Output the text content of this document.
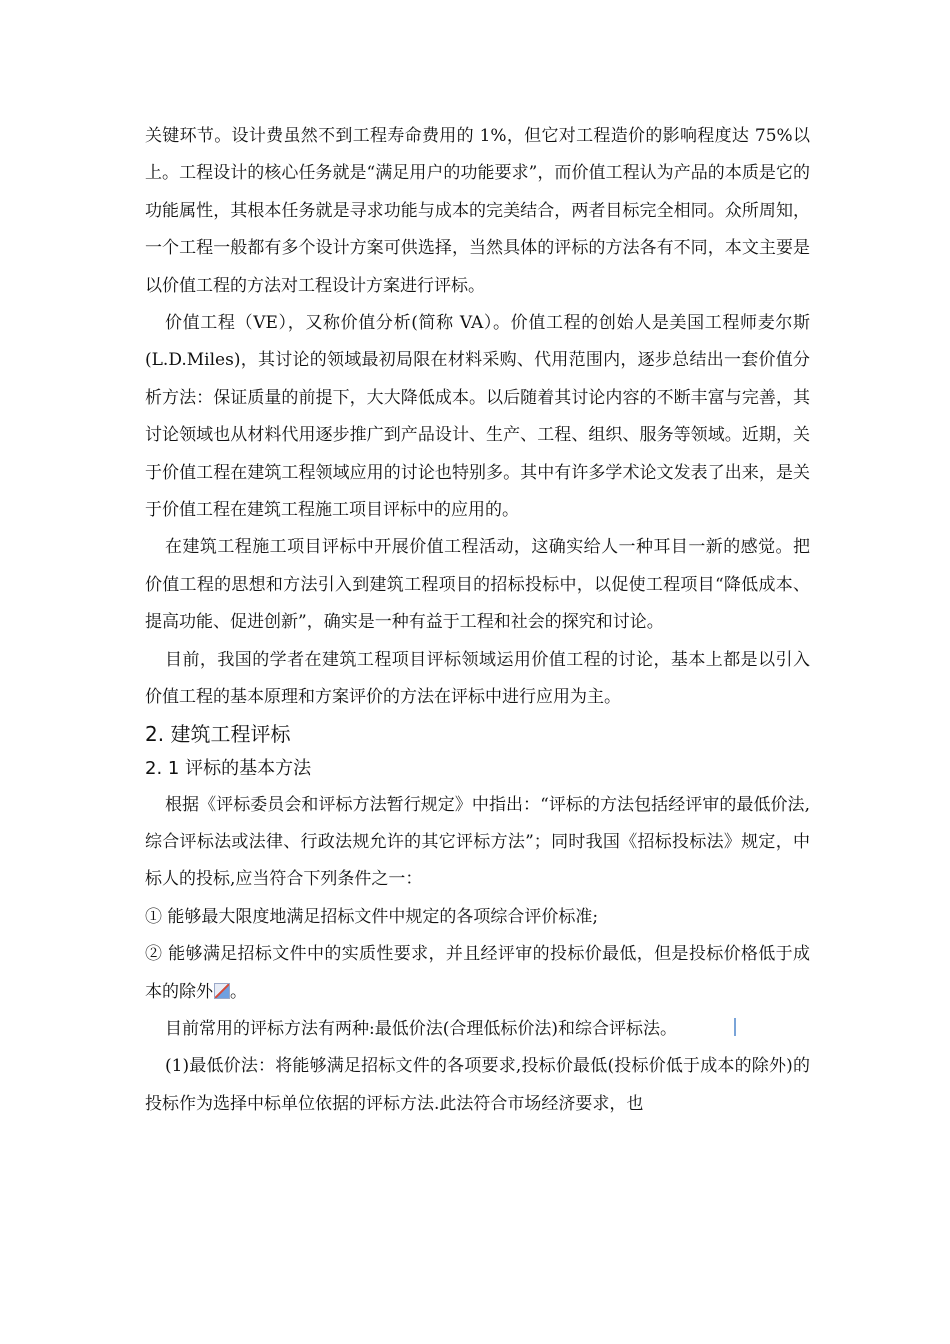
关键环节。设计费虽然不到工程寿命费用的 1%，但它对工程造价的影响程度达 75%以上。工程设计的核心任务就是“满足用户的功能要求”，而价值工程认为产品的本质是它的功能属性，其根本任务就是寻求功能与成本的完美结合，两者目标完全相同。众所周知，一个工程一般都有多个设计方案可供选择，当然具体的评标的方法各有不同，本文主要是以价值工程的方法对工程设计方案进行评标。

价值工程（VE），又称价值分析(简称 VA）。价值工程的创始人是美国工程师麦尔斯(L.D.Miles)，其讨论的领域最初局限在材料采购、代用范围内，逐步总结出一套价值分析方法：保证质量的前提下，大大降低成本。以后随着其讨论内容的不断丰富与完善，其讨论领域也从材料代用逐步推广到产品设计、生产、工程、组织、服务等领域。近期，关于价值工程在建筑工程领域应用的讨论也特别多。其中有许多学术论文发表了出来，是关于价值工程在建筑工程施工项目评标中的应用的。

在建筑工程施工项目评标中开展价值工程活动，这确实给人一种耳目一新的感觉。把价值工程的思想和方法引入到建筑工程项目的招标投标中，以促使工程项目“降低成本、提高功能、促进创新”，确实是一种有益于工程和社会的探究和讨论。

目前，我国的学者在建筑工程项目评标领域运用价值工程的讨论，基本上都是以引入价值工程的基本原理和方案评价的方法在评标中进行应用为主。

2. 建筑工程评标
2. 1 评标的基本方法

根据《评标委员会和评标方法暂行规定》中指出：“评标的方法包括经评审的最低价法,综合评标法或法律、行政法规允许的其它评标方法”；同时我国《招标投标法》规定，中标人的投标,应当符合下列条件之一：

① 能够最大限度地满足招标文件中规定的各项综合评价标准;

② 能够满足招标文件中的实质性要求，并且经评审的投标价最低，但是投标价格低于成本的除外 。

目前常用的评标方法有两种:最低价法(合理低标价法)和综合评标法。

(1)最低价法：将能够满足招标文件的各项要求,投标价最低(投标价低于成本的除外)的投标作为选择中标单位依据的评标方法.此法符合市场经济要求，也
